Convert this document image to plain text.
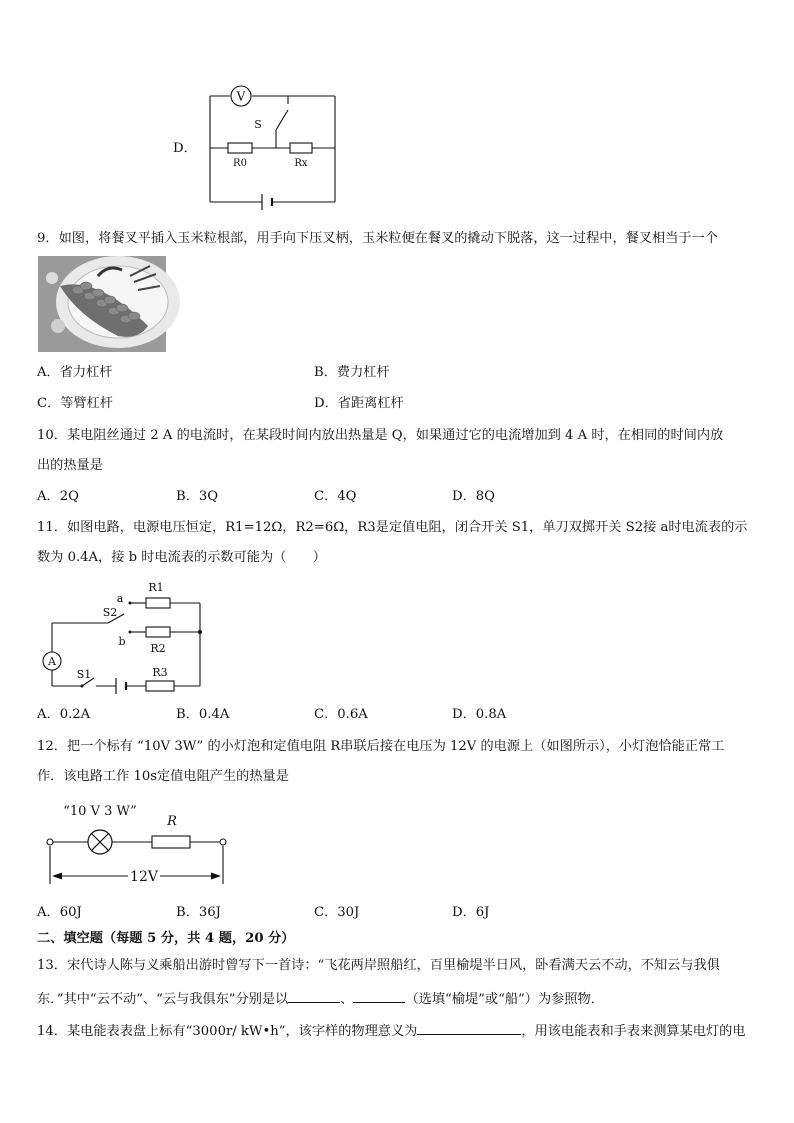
D．
V
R0	Rx
S
9．如图，将餐叉平插入玉米粒根部，用手向下压叉柄，玉米粒便在餐叉的撬动下脱落，这一过程中，餐叉相当于一个
A．省力杠杆	B．费力杠杆
C．等臂杠杆	D．省距离杠杆
10．某电阻丝通过 2 A 的电流时，在某段时间内放出热量是 Q，如果通过它的电流增加到 4 A 时，在相同的时间内放
出的热量是
A．2Q	B．3Q	C．4Q	D．8Q
11．如图电路，电源电压恒定，R1=12Ω，R2=6Ω，R3是定值电阻，闭合开关 S1，单刀双掷开关 S2接 a时电流表的示
数为 0.4A，接 b 时电流表的示数可能为（　　）
A
R1
R2
R3
a
b
S2
S1
A．0.2A	B．0.4A	C．0.6A	D．0.8A
12．把一个标有 “10V 3W” 的小灯泡和定值电阻 R串联后接在电压为 12V 的电源上（如图所示），小灯泡恰能正常工
作．该电路工作 10s定值电阻产生的热量是
“10 V 3 W”
R
12V
A．60J	B．36J	C．30J	D．6J
二、填空题（每题 5 分，共 4 题，20 分）
13．宋代诗人陈与义乘船出游时曾写下一首诗：“飞花两岸照船红，百里榆堤半日风，卧看满天云不动，不知云与我俱
东．”其中“云不动”、“云与我俱东”分别是以	、	（选填“榆堤”或“船”）为参照物．
14．某电能表表盘上标有“3000r/ kW•h”，该字样的物理意义为	，用该电能表和手表来测算某电灯的电
